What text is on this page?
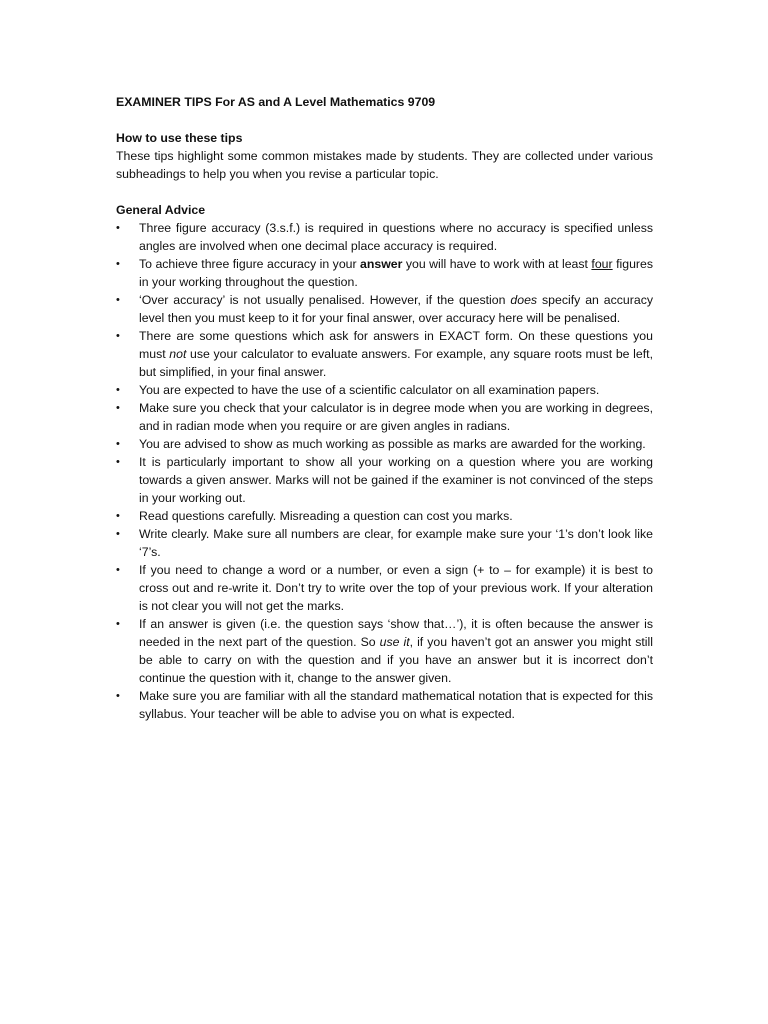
EXAMINER TIPS For AS and A Level Mathematics 9709
How to use these tips
These tips highlight some common mistakes made by students. They are collected under various subheadings to help you when you revise a particular topic.
General Advice
•	Three figure accuracy (3.s.f.) is required in questions where no accuracy is specified unless angles are involved when one decimal place accuracy is required.
•	To achieve three figure accuracy in your answer you will have to work with at least four figures in your working throughout the question.
•	‘Over accuracy’ is not usually penalised. However, if the question does specify an accuracy level then you must keep to it for your final answer, over accuracy here will be penalised.
•	There are some questions which ask for answers in EXACT form. On these questions you must not use your calculator to evaluate answers. For example, any square roots must be left, but simplified, in your final answer.
•	You are expected to have the use of a scientific calculator on all examination papers.
•	Make sure you check that your calculator is in degree mode when you are working in degrees, and in radian mode when you require or are given angles in radians.
•	You are advised to show as much working as possible as marks are awarded for the working.
•	It is particularly important to show all your working on a question where you are working towards a given answer. Marks will not be gained if the examiner is not convinced of the steps in your working out.
•	Read questions carefully. Misreading a question can cost you marks.
•	Write clearly. Make sure all numbers are clear, for example make sure your ‘1’s don’t look like ‘7’s.
•	If you need to change a word or a number, or even a sign (+ to – for example) it is best to cross out and re-write it. Don’t try to write over the top of your previous work. If your alteration is not clear you will not get the marks.
•	If an answer is given (i.e. the question says ‘show that…’), it is often because the answer is needed in the next part of the question. So use it, if you haven’t got an answer you might still be able to carry on with the question and if you have an answer but it is incorrect don’t continue the question with it, change to the answer given.
•	Make sure you are familiar with all the standard mathematical notation that is expected for this syllabus. Your teacher will be able to advise you on what is expected.
